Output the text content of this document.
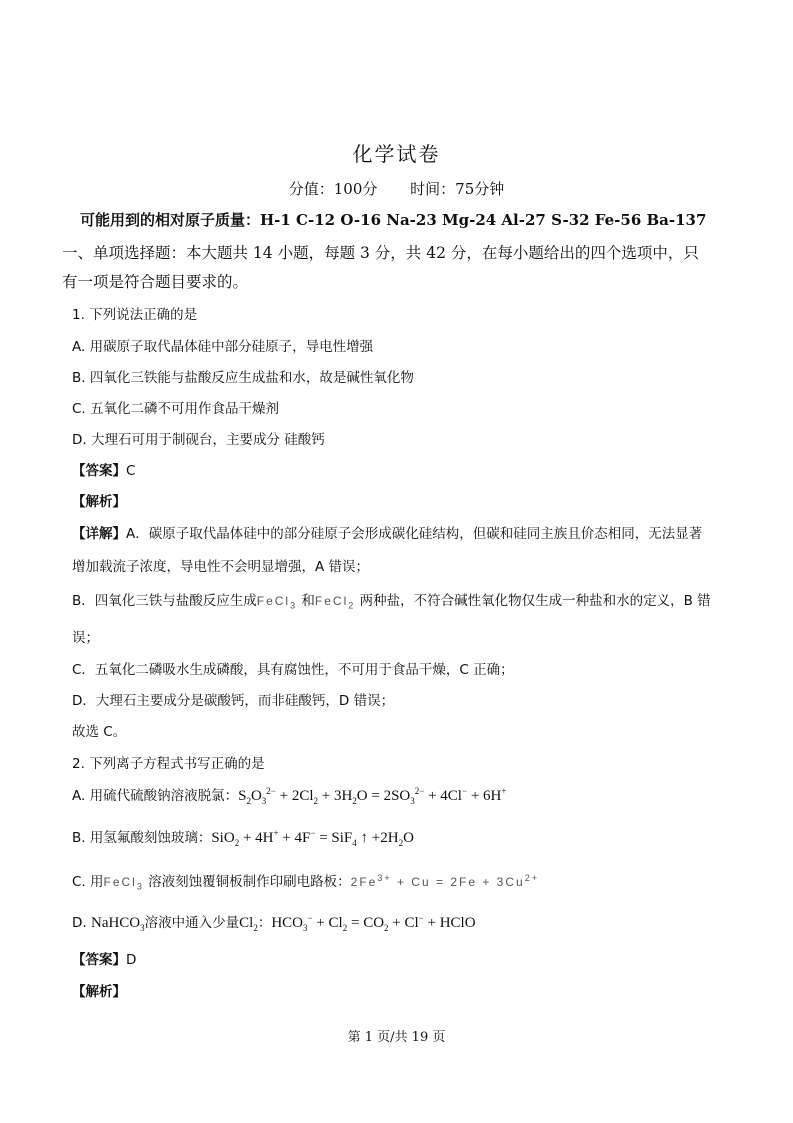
化学试卷
分值：100分 时间：75分钟
可能用到的相对原子质量：H-1 C-12 O-16 Na-23 Mg-24 Al-27 S-32 Fe-56 Ba-137
一、单项选择题：本大题共 14 小题，每题 3 分，共 42 分，在每小题给出的四个选项中，只
有一项是符合题目要求的。
1. 下列说法正确的是
A. 用碳原子取代晶体硅中部分硅原子，导电性增强
B. 四氧化三铁能与盐酸反应生成盐和水，故是碱性氧化物
C. 五氧化二磷不可用作食品干燥剂
D. 大理石可用于制砚台，主要成分 硅酸钙
【答案】C
【解析】
【详解】A．碳原子取代晶体硅中的部分硅原子会形成碳化硅结构，但碳和硅同主族且价态相同，无法显著
增加载流子浓度，导电性不会明显增强，A 错误；
B．四氧化三铁与盐酸反应生成FeCl$_3$ 和FeCl$_2$ 两种盐，不符合碱性氧化物仅生成一种盐和水的定义，B 错
误；
C．五氧化二磷吸水生成磷酸，具有腐蚀性，不可用于食品干燥，C 正确；
D．大理石主要成分是碳酸钙，而非硅酸钙，D 错误；
故选 C。
2. 下列离子方程式书写正确的是
A. 用硫代硫酸钠溶液脱氯：$S_2O_3^{2-} + 2Cl_2 + 3H_2O = 2SO_3^{2-} + 4Cl^- + 6H^+$
B. 用氢氟酸刻蚀玻璃：SiO$_2$ + 4H+ + 4F− = SiF$_4$ ↑ $+2H_2O$
C. 用FeCl$_3$ 溶液刻蚀覆铜板制作印刷电路板：$2Fe^{3+} + Cu = 2Fe + 3Cu^{2+}$
D. NaHCO$_3$溶液中通入少量$Cl_2$：$HCO_3^- + Cl_2 = CO_2 + Cl^-$ + HClO
【答案】D
【解析】
第 1 页/共 19 页
